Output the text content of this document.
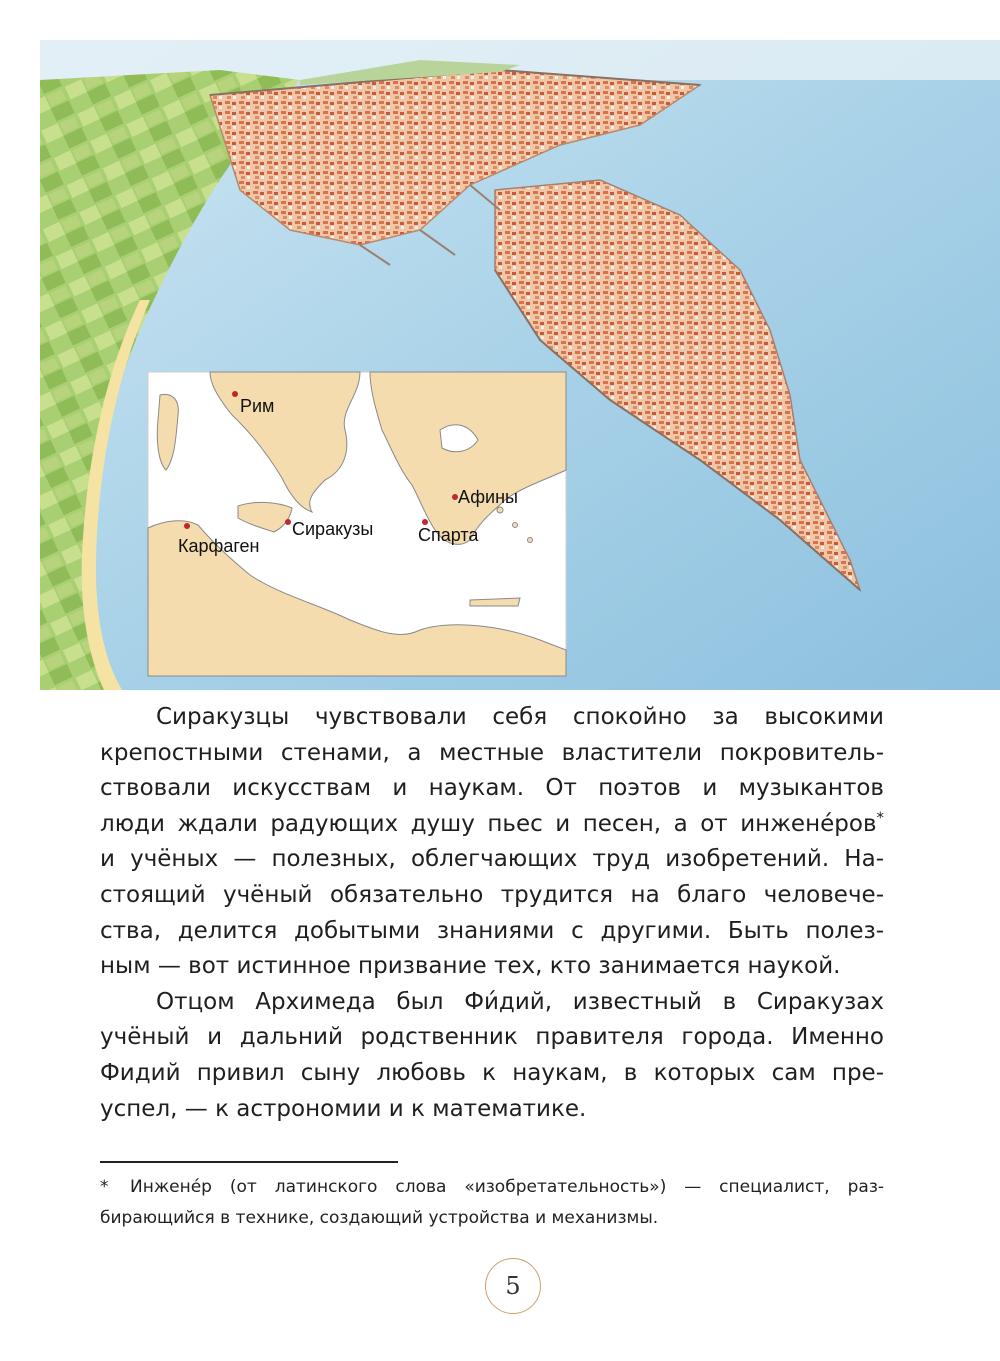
Рим
Афины
Сиракузы Спарта
Карфаген
Сиракузцы чувствовали себя спокойно за высокими
крепостными стенами, а местные властители покровитель-
ствовали искусствам и наукам. От поэтов и музыкантов
люди ждали радующих душу пьес и песен, а от инженéров*
и учёных — полезных, облегчающих труд изобретений. На-
стоящий учёный обязательно трудится на благо человече-
ства, делится добытыми знаниями с другими. Быть полез-
ным — вот истинное призвание тех, кто занимается наукой.
Отцом Архимеда был Фи́дий, известный в Сиракузах
учёный и дальний родственник правителя города. Именно
Фидий привил сыну любовь к наукам, в которых сам пре-
успел, — к астрономии и к математике.
* Инженéр (от латинского слова «изобретательность») — специалист, раз-
бирающийся в технике, создающий устройства и механизмы.
5
